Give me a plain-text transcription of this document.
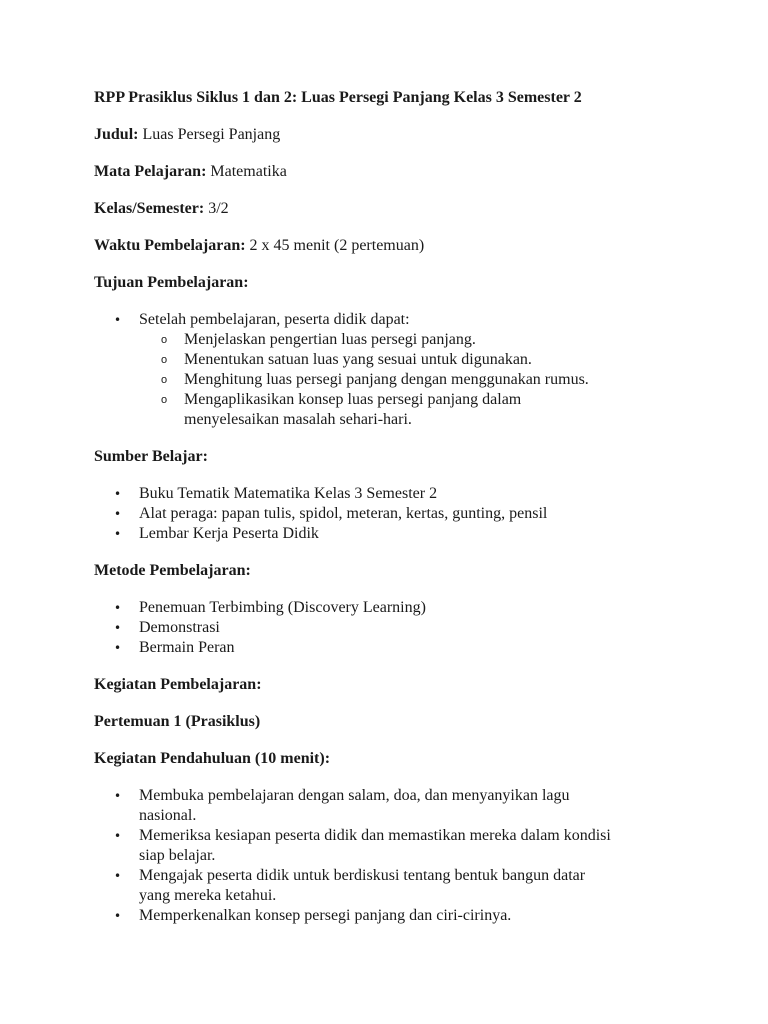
RPP Prasiklus Siklus 1 dan 2: Luas Persegi Panjang Kelas 3 Semester 2

Judul: Luas Persegi Panjang

Mata Pelajaran: Matematika

Kelas/Semester: 3/2

Waktu Pembelajaran: 2 x 45 menit (2 pertemuan)

Tujuan Pembelajaran:

• Setelah pembelajaran, peserta didik dapat:
o Menjelaskan pengertian luas persegi panjang.
o Menentukan satuan luas yang sesuai untuk digunakan.
o Menghitung luas persegi panjang dengan menggunakan rumus.
o Mengaplikasikan konsep luas persegi panjang dalam
menyelesaikan masalah sehari-hari.

Sumber Belajar:

• Buku Tematik Matematika Kelas 3 Semester 2
• Alat peraga: papan tulis, spidol, meteran, kertas, gunting, pensil
• Lembar Kerja Peserta Didik

Metode Pembelajaran:

• Penemuan Terbimbing (Discovery Learning)
• Demonstrasi
• Bermain Peran

Kegiatan Pembelajaran:

Pertemuan 1 (Prasiklus)

Kegiatan Pendahuluan (10 menit):

• Membuka pembelajaran dengan salam, doa, dan menyanyikan lagu
nasional.
• Memeriksa kesiapan peserta didik dan memastikan mereka dalam kondisi
siap belajar.
• Mengajak peserta didik untuk berdiskusi tentang bentuk bangun datar
yang mereka ketahui.
• Memperkenalkan konsep persegi panjang dan ciri-cirinya.
